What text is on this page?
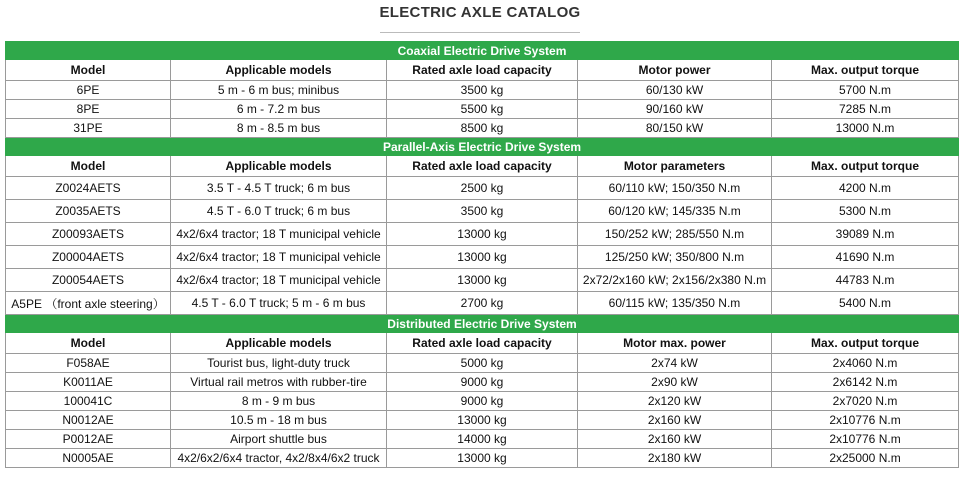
ELECTRIC AXLE CATALOG
Coaxial Electric Drive System				
Model	Applicable models	Rated axle load capacity	Motor power	Max. output torque
6PE	5 m - 6 m bus; minibus	3500 kg	60/130 kW	5700 N.m
8PE	6 m - 7.2 m bus	5500 kg	90/160 kW	7285 N.m
31PE	8 m - 8.5 m bus	8500 kg	80/150 kW	13000 N.m
Parallel-Axis Electric Drive System				
Model	Applicable models	Rated axle load capacity	Motor parameters	Max. output torque
Z0024AETS	3.5 T - 4.5 T truck; 6 m bus	2500 kg	60/110 kW; 150/350 N.m	4200 N.m
Z0035AETS	4.5 T - 6.0 T truck; 6 m bus	3500 kg	60/120 kW; 145/335 N.m	5300 N.m
Z00093AETS	4x2/6x4 tractor; 18 T municipal vehicle	13000 kg	150/252 kW; 285/550 N.m	39089 N.m
Z00004AETS	4x2/6x4 tractor; 18 T municipal vehicle	13000 kg	125/250 kW; 350/800 N.m	41690 N.m
Z00054AETS	4x2/6x4 tractor; 18 T municipal vehicle	13000 kg	2x72/2x160 kW; 2x156/2x380 N.m	44783 N.m
A5PE （front axle steering）	4.5 T - 6.0 T truck; 5 m - 6 m bus	2700 kg	60/115 kW; 135/350 N.m	5400 N.m
Distributed Electric Drive System				
Model	Applicable models	Rated axle load capacity	Motor max. power	Max. output torque
F058AE	Tourist bus, light-duty truck	5000 kg	2x74 kW	2x4060 N.m
K0011AE	Virtual rail metros with rubber-tire	9000 kg	2x90 kW	2x6142 N.m
100041C	8 m - 9 m bus	9000 kg	2x120 kW	2x7020 N.m
N0012AE	10.5 m - 18 m bus	13000 kg	2x160 kW	2x10776 N.m
P0012AE	Airport shuttle bus	14000 kg	2x160 kW	2x10776 N.m
N0005AE	4x2/6x2/6x4 tractor, 4x2/8x4/6x2 truck	13000 kg	2x180 kW	2x25000 N.m
